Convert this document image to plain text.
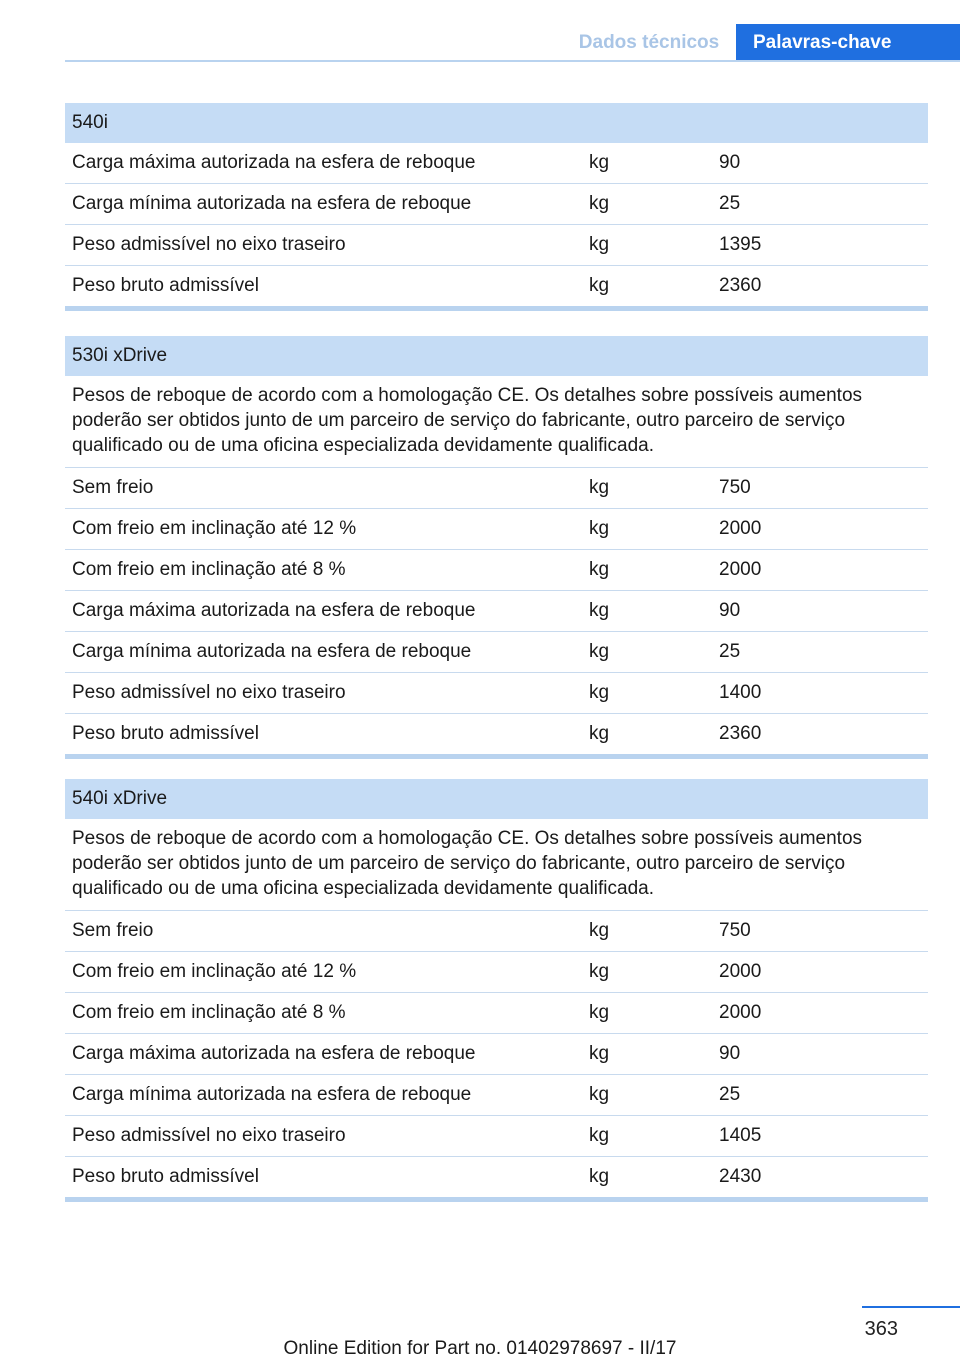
Dados técnicos	Palavras-chave
540i
Carga máxima autorizada na esfera de reboque	kg	90
Carga mínima autorizada na esfera de reboque	kg	25
Peso admissível no eixo traseiro	kg	1395
Peso bruto admissível	kg	2360
530i xDrive
Pesos de reboque de acordo com a homologação CE. Os detalhes sobre possíveis aumentos poderão ser obtidos junto de um parceiro de serviço do fabricante, outro parceiro de serviço qualificado ou de uma oficina especializada devidamente qualificada.
Sem freio	kg	750
Com freio em inclinação até 12 %	kg	2000
Com freio em inclinação até 8 %	kg	2000
Carga máxima autorizada na esfera de reboque	kg	90
Carga mínima autorizada na esfera de reboque	kg	25
Peso admissível no eixo traseiro	kg	1400
Peso bruto admissível	kg	2360
540i xDrive
Pesos de reboque de acordo com a homologação CE. Os detalhes sobre possíveis aumentos poderão ser obtidos junto de um parceiro de serviço do fabricante, outro parceiro de serviço qualificado ou de uma oficina especializada devidamente qualificada.
Sem freio	kg	750
Com freio em inclinação até 12 %	kg	2000
Com freio em inclinação até 8 %	kg	2000
Carga máxima autorizada na esfera de reboque	kg	90
Carga mínima autorizada na esfera de reboque	kg	25
Peso admissível no eixo traseiro	kg	1405
Peso bruto admissível	kg	2430
363
Online Edition for Part no. 01402978697 - II/17
